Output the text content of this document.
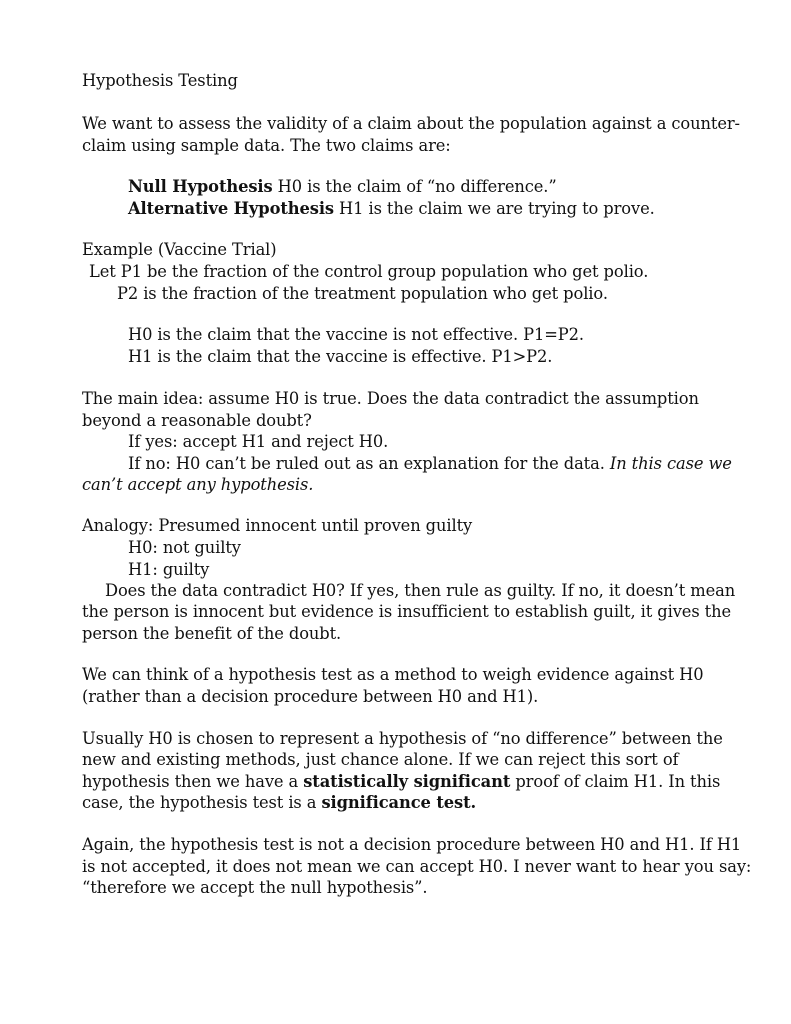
Hypothesis Testing

We want to assess the validity of a claim about the population against a counter-

claim using sample data. The two claims are:

Null Hypothesis H0 is the claim of “no difference.”

Alternative Hypothesis H1 is the claim we are trying to prove.

Example (Vaccine Trial)

Let P1 be the fraction of the control group population who get polio.

P2 is the fraction of the treatment population who get polio.

H0 is the claim that the vaccine is not effective. P1=P2.

H1 is the claim that the vaccine is effective. P1>P2.

The main idea: assume H0 is true. Does the data contradict the assumption

beyond a reasonable doubt?

If yes: accept H1 and reject H0.

If no: H0 can’t be ruled out as an explanation for the data. In this case we

can’t accept any hypothesis.

Analogy: Presumed innocent until proven guilty

H0: not guilty

H1: guilty

Does the data contradict H0? If yes, then rule as guilty. If no, it doesn’t mean

the person is innocent but evidence is insufficient to establish guilt, it gives the

person the benefit of the doubt.

We can think of a hypothesis test as a method to weigh evidence against H0

(rather than a decision procedure between H0 and H1).

Usually H0 is chosen to represent a hypothesis of “no difference” between the

new and existing methods, just chance alone. If we can reject this sort of

hypothesis then we have a statistically significant proof of claim H1. In this

case, the hypothesis test is a significance test.

Again, the hypothesis test is not a decision procedure between H0 and H1. If H1

is not accepted, it does not mean we can accept H0. I never want to hear you say:

“therefore we accept the null hypothesis”.
